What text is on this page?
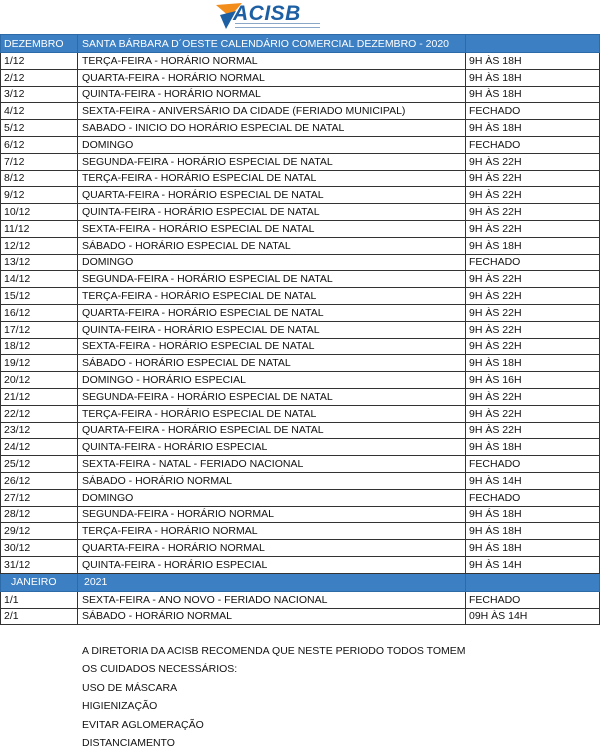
ACISB
DEZEMBRO	SANTA BÁRBARA D´OESTE CALENDÁRIO COMERCIAL DEZEMBRO - 2020	
1/12	TERÇA-FEIRA - HORÁRIO NORMAL	9H ÀS 18H
2/12	QUARTA-FEIRA - HORÁRIO NORMAL	9H ÀS 18H
3/12	QUINTA-FEIRA - HORÁRIO NORMAL	9H ÀS 18H
4/12	SEXTA-FEIRA - ANIVERSÁRIO DA CIDADE (FERIADO MUNICIPAL)	FECHADO
5/12	SABADO - INICIO DO HORÁRIO ESPECIAL DE NATAL	9H ÀS 18H
6/12	DOMINGO	FECHADO
7/12	SEGUNDA-FEIRA - HORÁRIO ESPECIAL DE NATAL	9H ÀS 22H
8/12	TERÇA-FEIRA - HORÁRIO ESPECIAL DE NATAL	9H ÀS 22H
9/12	QUARTA-FEIRA - HORÁRIO ESPECIAL DE NATAL	9H ÀS 22H
10/12	QUINTA-FEIRA - HORÁRIO ESPECIAL DE NATAL	9H ÀS 22H
11/12	SEXTA-FEIRA - HORÁRIO ESPECIAL DE NATAL	9H ÀS 22H
12/12	SÁBADO - HORÁRIO ESPECIAL DE NATAL	9H ÀS 18H
13/12	DOMINGO	FECHADO
14/12	SEGUNDA-FEIRA - HORÁRIO ESPECIAL DE NATAL	9H ÀS 22H
15/12	TERÇA-FEIRA - HORÁRIO ESPECIAL DE NATAL	9H ÀS 22H
16/12	QUARTA-FEIRA - HORÁRIO ESPECIAL DE NATAL	9H ÀS 22H
17/12	QUINTA-FEIRA - HORÁRIO ESPECIAL DE NATAL	9H ÀS 22H
18/12	SEXTA-FEIRA - HORÁRIO ESPECIAL DE NATAL	9H ÀS 22H
19/12	SÁBADO - HORÁRIO ESPECIAL DE NATAL	9H ÀS 18H
20/12	DOMINGO - HORÁRIO ESPECIAL	9H ÀS 16H
21/12	SEGUNDA-FEIRA - HORÁRIO ESPECIAL DE NATAL	9H ÀS 22H
22/12	TERÇA-FEIRA - HORÁRIO ESPECIAL DE NATAL	9H ÀS 22H
23/12	QUARTA-FEIRA - HORÁRIO ESPECIAL DE NATAL	9H ÀS 22H
24/12	QUINTA-FEIRA - HORÁRIO ESPECIAL	9H ÀS 18H
25/12	SEXTA-FEIRA - NATAL - FERIADO NACIONAL	FECHADO
26/12	SÁBADO - HORÁRIO NORMAL	9H ÀS 14H
27/12	DOMINGO	FECHADO
28/12	SEGUNDA-FEIRA - HORÁRIO NORMAL	9H ÁS 18H
29/12	TERÇA-FEIRA - HORÁRIO NORMAL	9H ÁS 18H
30/12	QUARTA-FEIRA - HORÁRIO NORMAL	9H ÁS 18H
31/12	QUINTA-FEIRA - HORÁRIO ESPECIAL	9H ÀS 14H
JANEIRO	2021	
1/1	SEXTA-FEIRA - ANO NOVO - FERIADO NACIONAL	FECHADO
2/1	SÁBADO - HORÁRIO NORMAL	09H ÀS 14H
A DIRETORIA DA ACISB RECOMENDA QUE NESTE PERIODO TODOS TOMEM
OS CUIDADOS NECESSÁRIOS:
USO DE MÁSCARA
HIGIENIZAÇÃO
EVITAR AGLOMERAÇÃO
DISTANCIAMENTO
